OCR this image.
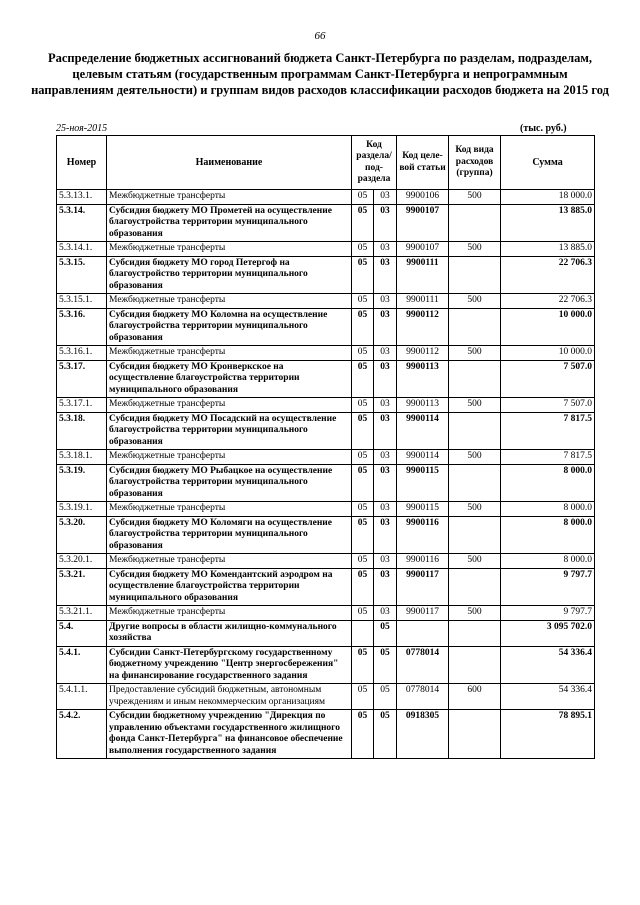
66
Распределение бюджетных ассигнований бюджета Санкт-Петербурга по разделам, подразделам, целевым статьям (государственным программам Санкт-Петербурга и непрограммным направлениям деятельности) и группам видов расходов классификации расходов бюджета на 2015 год
25-ноя-2015	(тыс. руб.)
Номер	Наименование	Код раздела/ под- раздела		Код целе- вой статьи	Код вида расходов (группа)	Сумма
5.3.13.1.	Межбюджетные трансферты	05	03	9900106	500	18 000.0
5.3.14.	Субсидия бюджету МО Прометей на осуществление благоустройства территории муниципального образования	05	03	9900107		13 885.0
5.3.14.1.	Межбюджетные трансферты	05	03	9900107	500	13 885.0
5.3.15.	Субсидия бюджету МО город Петергоф на благоустройство территории муниципального образования	05	03	9900111		22 706.3
5.3.15.1.	Межбюджетные трансферты	05	03	9900111	500	22 706.3
5.3.16.	Субсидия бюджету МО Коломна на осуществление благоустройства территории муниципального образования	05	03	9900112		10 000.0
5.3.16.1.	Межбюджетные трансферты	05	03	9900112	500	10 000.0
5.3.17.	Субсидия бюджету МО Кронверкское на осуществление благоустройства территории муниципального образования	05	03	9900113		7 507.0
5.3.17.1.	Межбюджетные трансферты	05	03	9900113	500	7 507.0
5.3.18.	Субсидия бюджету МО Посадский на осуществление благоустройства территории муниципального образования	05	03	9900114		7 817.5
5.3.18.1.	Межбюджетные трансферты	05	03	9900114	500	7 817.5
5.3.19.	Субсидия бюджету МО Рыбацкое на осуществление благоустройства территории муниципального образования	05	03	9900115		8 000.0
5.3.19.1.	Межбюджетные трансферты	05	03	9900115	500	8 000.0
5.3.20.	Субсидия бюджету МО Коломяги на осуществление благоустройства территории муниципального образования	05	03	9900116		8 000.0
5.3.20.1.	Межбюджетные трансферты	05	03	9900116	500	8 000.0
5.3.21.	Субсидия бюджету МО Комендантский аэродром на осуществление благоустройства территории муниципального образования	05	03	9900117		9 797.7
5.3.21.1.	Межбюджетные трансферты	05	03	9900117	500	9 797.7
5.4.	Другие вопросы в области жилищно-коммунального хозяйства		05			3 095 702.0
5.4.1.	Субсидии Санкт-Петербургскому государственному бюджетному учреждению "Центр энергосбережения" на финансирование государственного задания	05	05	0778014		54 336.4
5.4.1.1.	Предоставление субсидий бюджетным, автономным учреждениям и иным некоммерческим организациям	05	05	0778014	600	54 336.4
5.4.2.	Субсидии бюджетному учреждению "Дирекция по управлению объектами государственного жилищного фонда Санкт-Петербурга" на финансовое обеспечение выполнения государственного задания	05	05	0918305		78 895.1
